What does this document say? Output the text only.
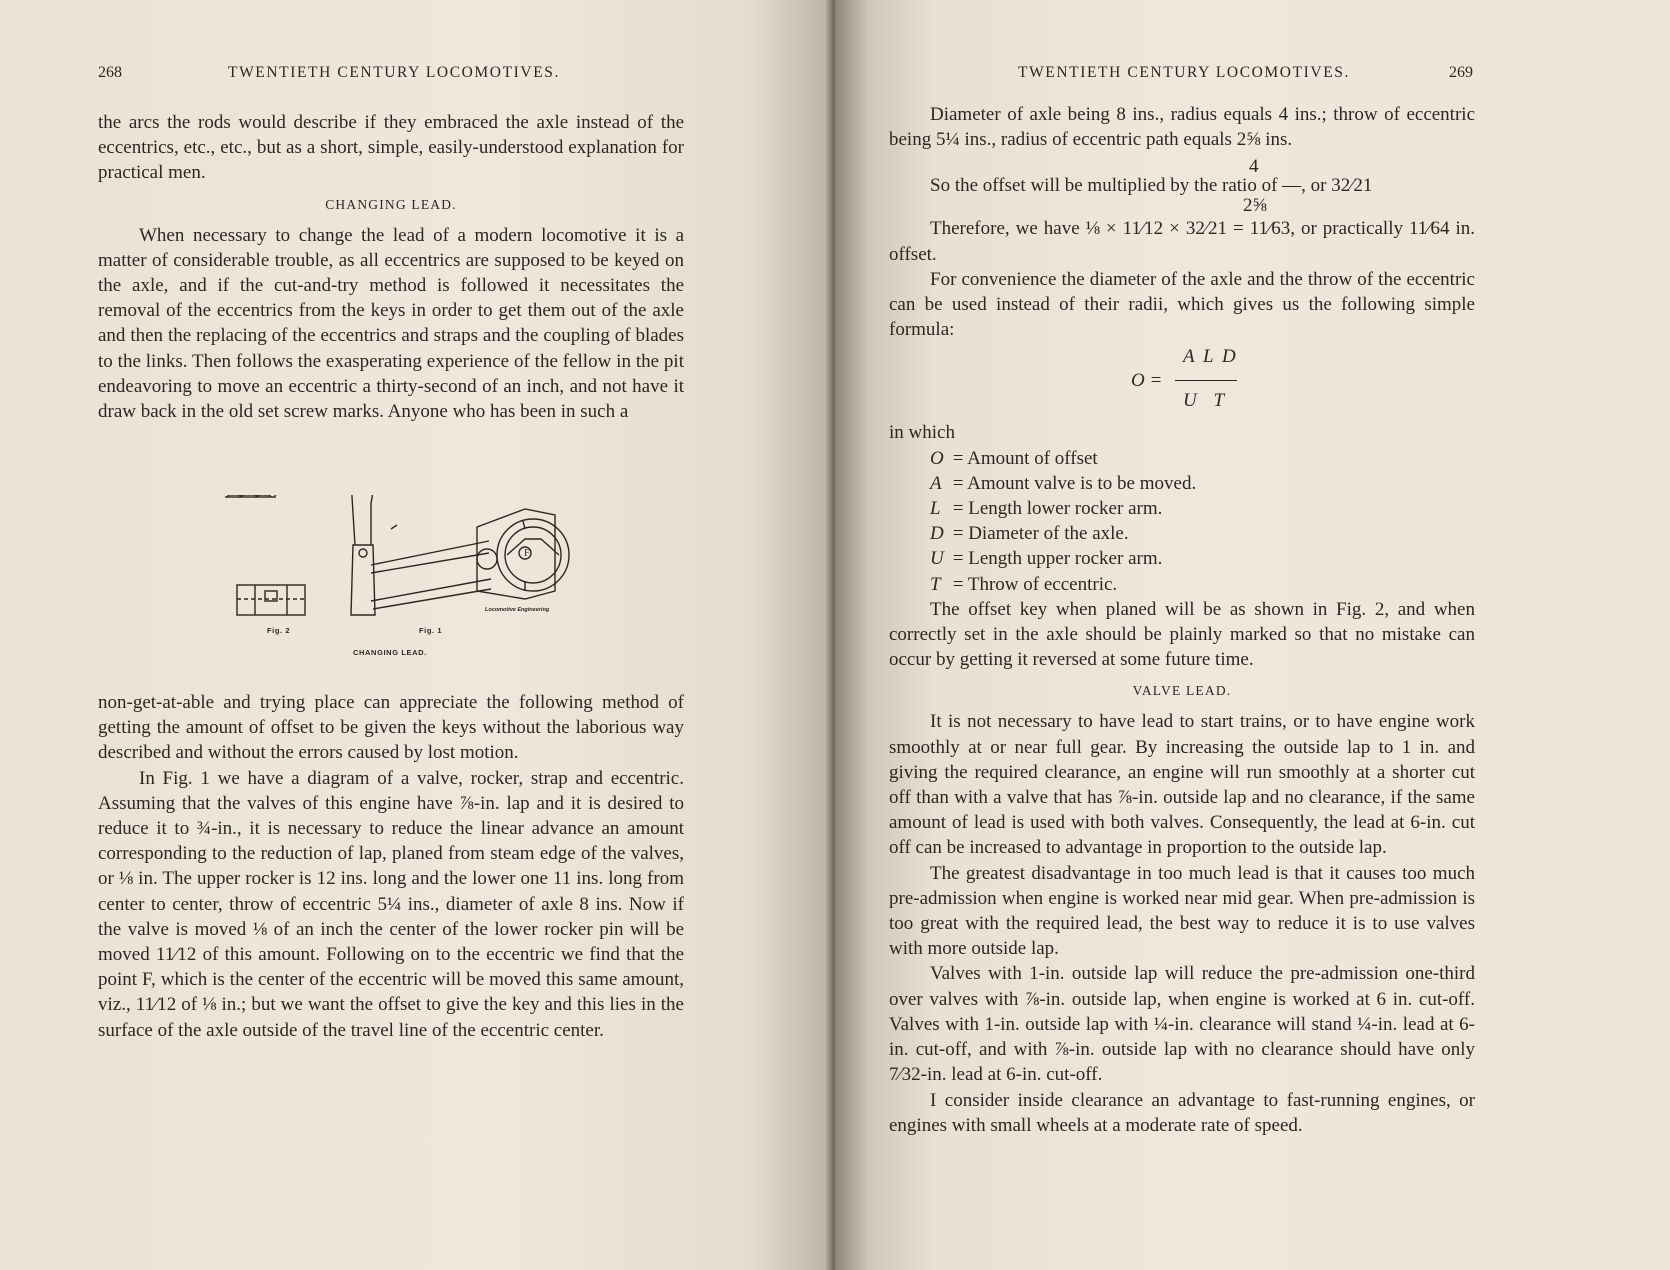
268	TWENTIETH CENTURY LOCOMOTIVES.

the arcs the rods would describe if they embraced the axle instead of the eccentrics, etc., etc., but as a short, simple, easily-understood explanation for practical men.

CHANGING LEAD.

When necessary to change the lead of a modern locomotive it is a matter of considerable trouble, as all eccentrics are supposed to be keyed on the axle, and if the cut-and-try method is followed it necessitates the removal of the eccentrics from the keys in order to get them out of the axle and then the replacing of the eccentrics and straps and the coupling of blades to the links. Then follows the exasperating experience of the fellow in the pit endeavoring to move an eccentric a thirty-second of an inch, and not have it draw back in the old set screw marks. Anyone who has been in such a

F
Fig. 2	Fig. 1
Locomotive Engineering
CHANGING LEAD.

non-get-at-able and trying place can appreciate the following method of getting the amount of offset to be given the keys without the laborious way described and without the errors caused by lost motion.

In Fig. 1 we have a diagram of a valve, rocker, strap and eccentric. Assuming that the valves of this engine have ⅞-in. lap and it is desired to reduce it to ¾-in., it is necessary to reduce the linear advance an amount corresponding to the reduction of lap, planed from steam edge of the valves, or ⅛ in. The upper rocker is 12 ins. long and the lower one 11 ins. long from center to center, throw of eccentric 5¼ ins., diameter of axle 8 ins. Now if the valve is moved ⅛ of an inch the center of the lower rocker pin will be moved 11⁄12 of this amount. Following on to the eccentric we find that the point F, which is the center of the eccentric will be moved this same amount, viz., 11⁄12 of ⅛ in.; but we want the offset to give the key and this lies in the surface of the axle outside of the travel line of the eccentric center.

TWENTIETH CENTURY LOCOMOTIVES.	269

Diameter of axle being 8 ins., radius equals 4 ins.; throw of eccentric being 5¼ ins., radius of eccentric path equals 2⅝ ins.

4

So the offset will be multiplied by the ratio of —, or 32⁄21

2⅝

Therefore, we have ⅛ × 11⁄12 × 32⁄21 = 11⁄63, or practically 11⁄64 in. offset.

For convenience the diameter of the axle and the throw of the eccentric can be used instead of their radii, which gives us the following simple formula:

O =
A L D
U T
in which
O = Amount of offset
A = Amount valve is to be moved.
L = Length lower rocker arm.
D = Diameter of the axle.
U = Length upper rocker arm.
T = Throw of eccentric.

The offset key when planed will be as shown in Fig. 2, and when correctly set in the axle should be plainly marked so that no mistake can occur by getting it reversed at some future time.

VALVE LEAD.

It is not necessary to have lead to start trains, or to have engine work smoothly at or near full gear. By increasing the outside lap to 1 in. and giving the required clearance, an engine will run smoothly at a shorter cut off than with a valve that has ⅞-in. outside lap and no clearance, if the same amount of lead is used with both valves. Consequently, the lead at 6-in. cut off can be increased to advantage in proportion to the outside lap.

The greatest disadvantage in too much lead is that it causes too much pre-admission when engine is worked near mid gear. When pre-admission is too great with the required lead, the best way to reduce it is to use valves with more outside lap.

Valves with 1-in. outside lap will reduce the pre-admission one-third over valves with ⅞-in. outside lap, when engine is worked at 6 in. cut-off. Valves with 1-in. outside lap with ¼-in. clearance will stand ¼-in. lead at 6-in. cut-off, and with ⅞-in. outside lap with no clearance should have only 7⁄32-in. lead at 6-in. cut-off.

I consider inside clearance an advantage to fast-running engines, or engines with small wheels at a moderate rate of speed.
